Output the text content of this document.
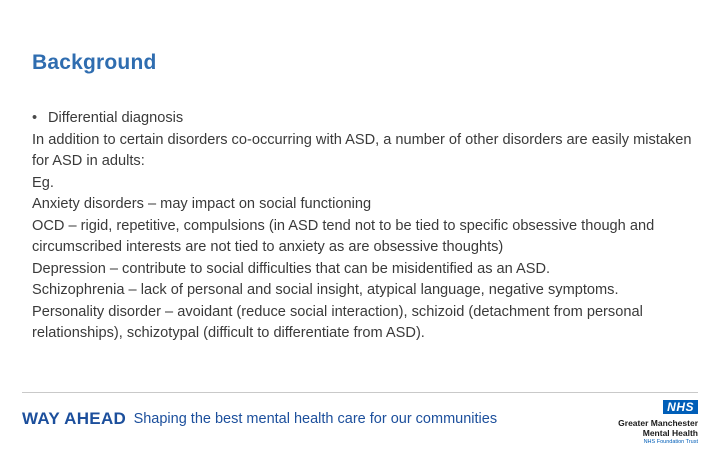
Background

• Differential diagnosis

In addition to certain disorders co-occurring with ASD, a number of other disorders are easily mistaken for ASD in adults:

Eg.

Anxiety disorders – may impact on social functioning

OCD – rigid, repetitive, compulsions (in ASD tend not to be tied to specific obsessive though and circumscribed interests are not tied to anxiety as are obsessive thoughts)

Depression – contribute to social difficulties that can be misidentified as an ASD.

Schizophrenia – lack of personal and social insight, atypical language, negative symptoms.

Personality disorder – avoidant (reduce social interaction), schizoid (detachment from personal relationships), schizotypal (difficult to differentiate from ASD).

WAY AHEAD Shaping the best mental health care for our communities
NHS
Greater Manchester
Mental Health
NHS Foundation Trust
